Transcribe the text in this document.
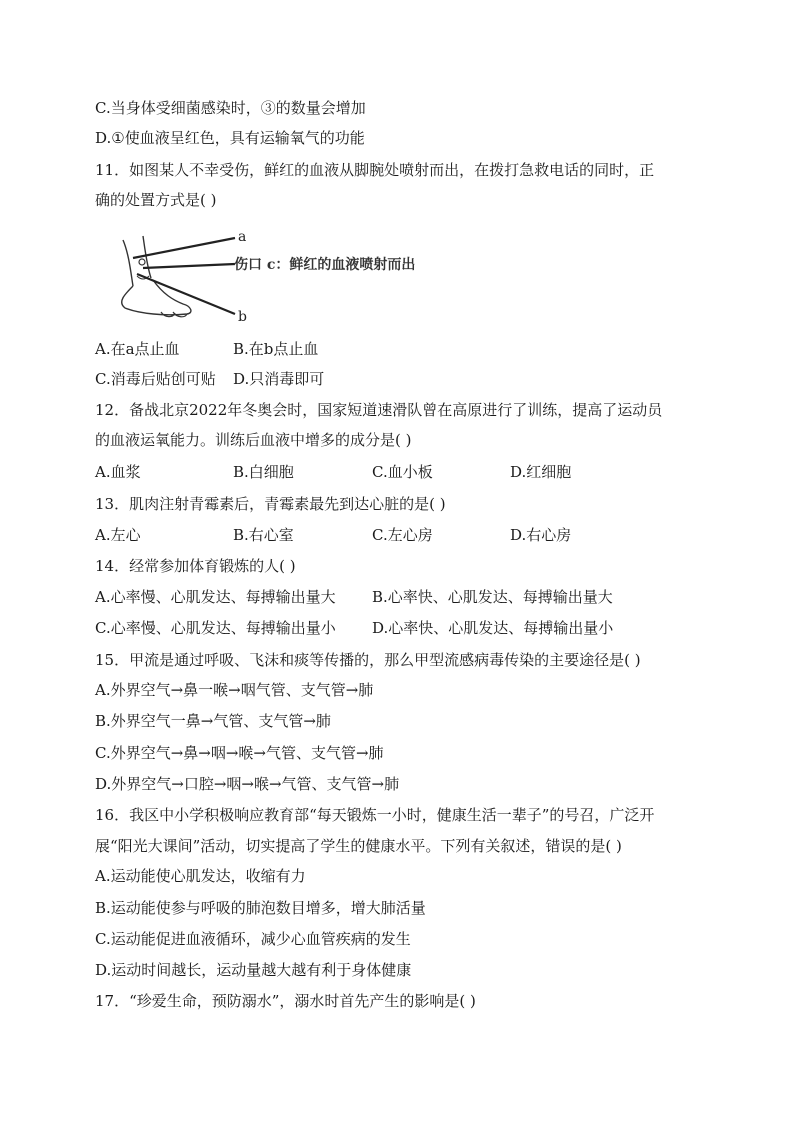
C.当身体受细菌感染时，③的数量会增加
D.①使血液呈红色，具有运输氧气的功能
11．如图某人不幸受伤，鲜红的血液从脚腕处喷射而出，在拨打急救电话的同时，正
确的处置方式是( )
a
伤口 c：鲜红的血液喷射而出
b
A.在a点止血	B.在b点止血
C.消毒后贴创可贴 D.只消毒即可
12．备战北京2022年冬奥会时，国家短道速滑队曾在高原进行了训练，提高了运动员
的血液运氧能力。训练后血液中增多的成分是( )
A.血浆	B.白细胞	C.血小板	D.红细胞
13．肌肉注射青霉素后，青霉素最先到达心脏的是( )
A.左心	B.右心室	C.左心房	D.右心房
14．经常参加体育锻炼的人( )
A.心率慢、心肌发达、每搏输出量大 B.心率快、心肌发达、每搏输出量大
C.心率慢、心肌发达、每搏输出量小 D.心率快、心肌发达、每搏输出量小
15．甲流是通过呼吸、飞沫和痰等传播的，那么甲型流感病毒传染的主要途径是( )
A.外界空气→鼻一喉→咽气管、支气管→肺
B.外界空气一鼻→气管、支气管→肺
C.外界空气→鼻→咽→喉→气管、支气管→肺
D.外界空气→口腔→咽→喉→气管、支气管→肺
16．我区中小学积极响应教育部“每天锻炼一小时，健康生活一辈子”的号召，广泛开
展“阳光大课间”活动，切实提高了学生的健康水平。下列有关叙述，错误的是( )
A.运动能使心肌发达，收缩有力
B.运动能使参与呼吸的肺泡数目增多，增大肺活量
C.运动能促进血液循环，减少心血管疾病的发生
D.运动时间越长，运动量越大越有利于身体健康
17．“珍爱生命，预防溺水”，溺水时首先产生的影响是( )
